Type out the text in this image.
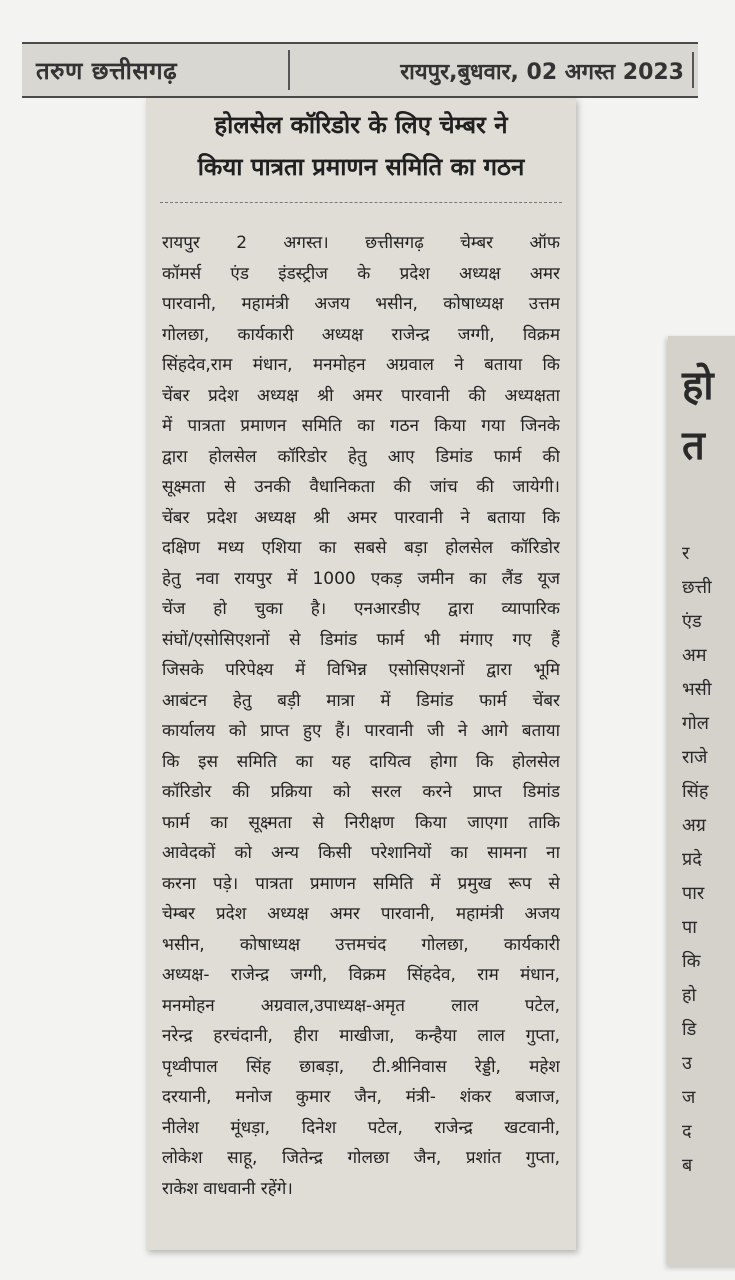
तरुण छत्तीसगढ़	रायपुर,बुधवार, 02 अगस्त 2023
होलसेल कॉरिडोर के लिए चेम्बर ने
किया पात्रता प्रमाणन समिति का गठन
रायपुर 2 अगस्त। छत्तीसगढ़ चेम्बर ऑफ
कॉमर्स एंड इंडस्ट्रीज के प्रदेश अध्यक्ष अमर
पारवानी, महामंत्री अजय भसीन, कोषाध्यक्ष उत्तम
गोलछा, कार्यकारी अध्यक्ष राजेन्द्र जग्गी, विक्रम
सिंहदेव,राम मंधान, मनमोहन अग्रवाल ने बताया कि
चेंबर प्रदेश अध्यक्ष श्री अमर पारवानी की अध्यक्षता
में पात्रता प्रमाणन समिति का गठन किया गया जिनके
द्वारा होलसेल कॉरिडोर हेतु आए डिमांड फार्म की
सूक्ष्मता से उनकी वैधानिकता की जांच की जायेगी।
चेंबर प्रदेश अध्यक्ष श्री अमर पारवानी ने बताया कि
दक्षिण मध्य एशिया का सबसे बड़ा होलसेल कॉरिडोर
हेतु नवा रायपुर में 1000 एकड़ जमीन का लैंड यूज
चेंज हो चुका है। एनआरडीए द्वारा व्यापारिक
संघों/एसोसिएशनों से डिमांड फार्म भी मंगाए गए हैं
जिसके परिपेक्ष्य में विभिन्न एसोसिएशनों द्वारा भूमि
आबंटन हेतु बड़ी मात्रा में डिमांड फार्म चेंबर
कार्यालय को प्राप्त हुए हैं। पारवानी जी ने आगे बताया
कि इस समिति का यह दायित्व होगा कि होलसेल
कॉरिडोर की प्रक्रिया को सरल करने प्राप्त डिमांड
फार्म का सूक्ष्मता से निरीक्षण किया जाएगा ताकि
आवेदकों को अन्य किसी परेशानियों का सामना ना
करना पड़े। पात्रता प्रमाणन समिति में प्रमुख रूप से
चेम्बर प्रदेश अध्यक्ष अमर पारवानी, महामंत्री अजय
भसीन, कोषाध्यक्ष उत्तमचंद गोलछा, कार्यकारी
अध्यक्ष- राजेन्द्र जग्गी, विक्रम सिंहदेव, राम मंधान,
मनमोहन अग्रवाल,उपाध्यक्ष-अमृत लाल पटेल,
नरेन्द्र हरचंदानी, हीरा माखीजा, कन्हैया लाल गुप्ता,
पृथ्वीपाल सिंह छाबड़ा, टी.श्रीनिवास रेड्डी, महेश
दरयानी, मनोज कुमार जैन, मंत्री- शंकर बजाज,
नीलेश मूंधड़ा, दिनेश पटेल, राजेन्द्र खटवानी,
लोकेश साहू, जितेन्द्र गोलछा जैन, प्रशांत गुप्ता,
राकेश वाधवानी रहेंगे।
हो
त
र
छत्ती
एंड
अम
भसी
गोल
राजे
सिंह
अग्र
प्रदे
पार
पा
कि
हो
डि
उ
ज
द
ब
